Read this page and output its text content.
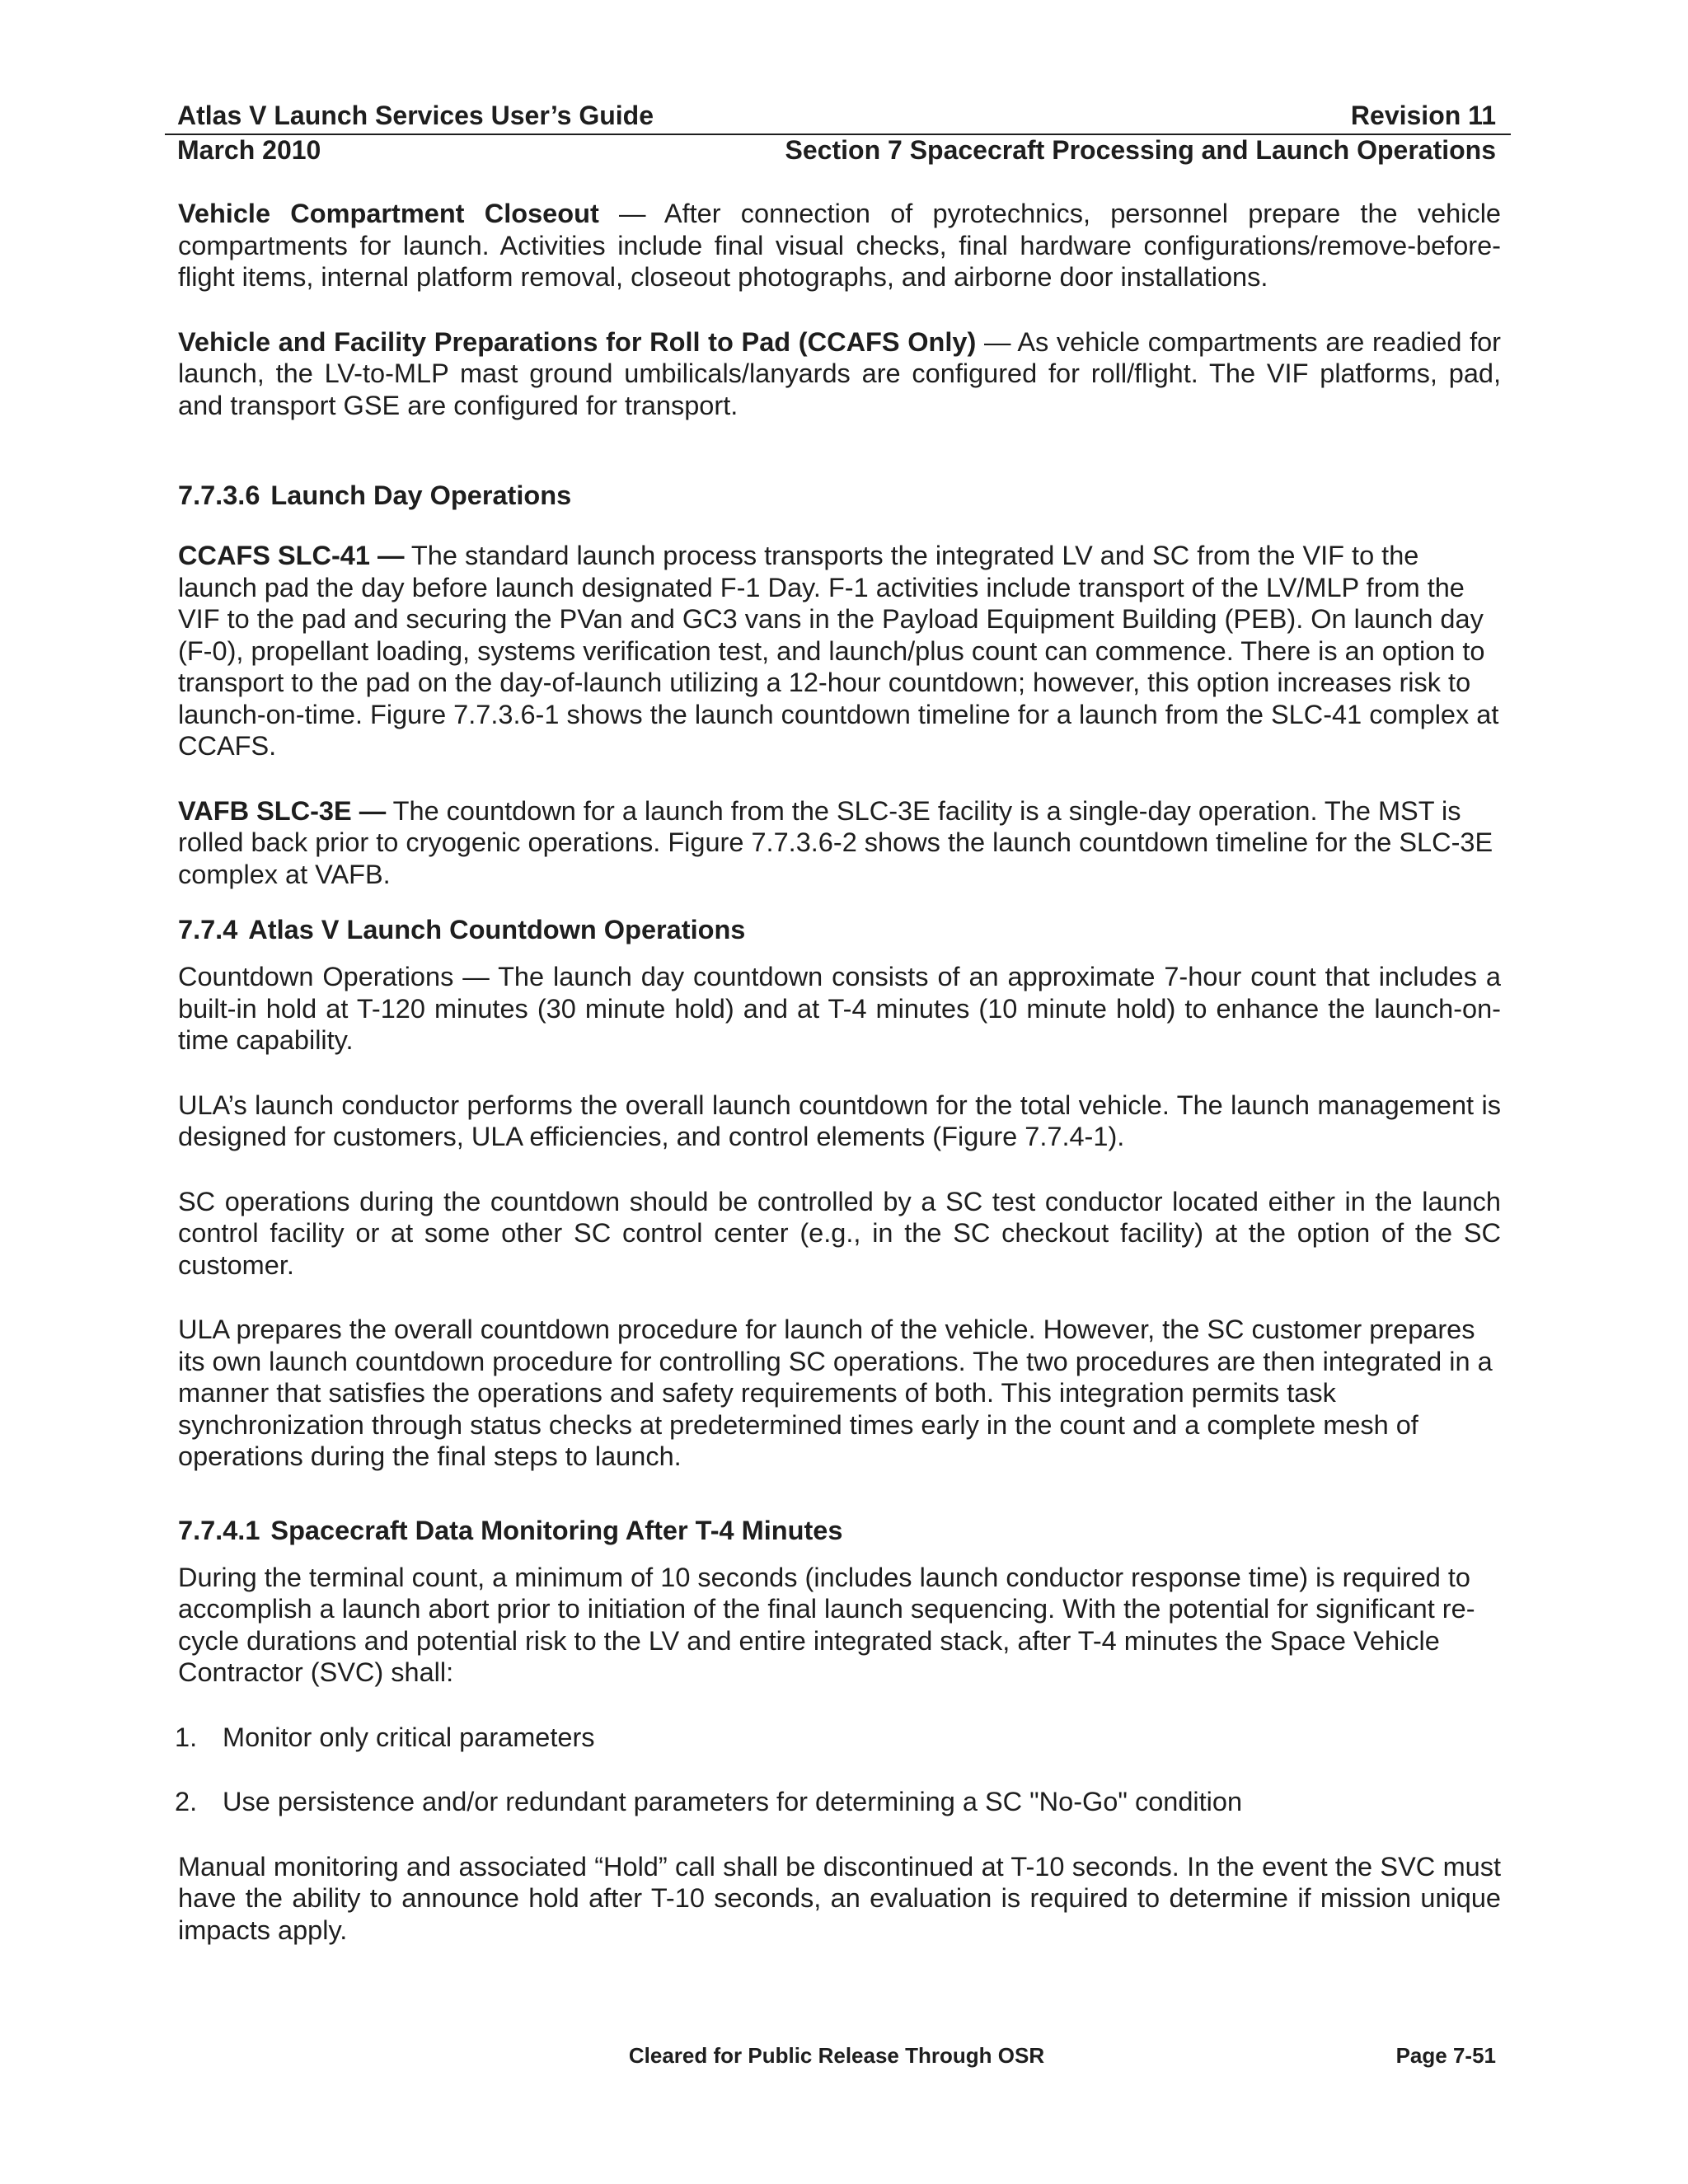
Atlas V Launch Services User’s Guide	Revision 11
March 2010	Section 7 Spacecraft Processing and Launch Operations

Vehicle Compartment Closeout — After connection of pyrotechnics, personnel prepare the vehicle compartments for launch. Activities include final visual checks, final hardware configurations/remove-before-flight items, internal platform removal, closeout photographs, and airborne door installations.

Vehicle and Facility Preparations for Roll to Pad (CCAFS Only) — As vehicle compartments are readied for launch, the LV-to-MLP mast ground umbilicals/lanyards are configured for roll/flight. The VIF platforms, pad, and transport GSE are configured for transport.

7.7.3.6 Launch Day Operations

CCAFS SLC-41 — The standard launch process transports the integrated LV and SC from the VIF to the launch pad the day before launch designated F-1 Day. F-1 activities include transport of the LV/MLP from the VIF to the pad and securing the PVan and GC3 vans in the Payload Equipment Building (PEB). On launch day (F-0), propellant loading, systems verification test, and launch/plus count can commence. There is an option to transport to the pad on the day-of-launch utilizing a 12-hour countdown; however, this option increases risk to launch-on-time. Figure 7.7.3.6-1 shows the launch countdown timeline for a launch from the SLC-41 complex at CCAFS.

VAFB SLC-3E — The countdown for a launch from the SLC-3E facility is a single-day operation. The MST is rolled back prior to cryogenic operations. Figure 7.7.3.6-2 shows the launch countdown timeline for the SLC-3E complex at VAFB.

7.7.4 Atlas V Launch Countdown Operations

Countdown Operations — The launch day countdown consists of an approximate 7-hour count that includes a built-in hold at T-120 minutes (30 minute hold) and at T-4 minutes (10 minute hold) to enhance the launch-on-time capability.

ULA’s launch conductor performs the overall launch countdown for the total vehicle. The launch management is designed for customers, ULA efficiencies, and control elements (Figure 7.7.4-1).

SC operations during the countdown should be controlled by a SC test conductor located either in the launch control facility or at some other SC control center (e.g., in the SC checkout facility) at the option of the SC customer.

ULA prepares the overall countdown procedure for launch of the vehicle. However, the SC customer prepares its own launch countdown procedure for controlling SC operations. The two procedures are then integrated in a manner that satisfies the operations and safety requirements of both. This integration permits task synchronization through status checks at predetermined times early in the count and a complete mesh of operations during the final steps to launch.

7.7.4.1 Spacecraft Data Monitoring After T-4 Minutes

During the terminal count, a minimum of 10 seconds (includes launch conductor response time) is required to accomplish a launch abort prior to initiation of the final launch sequencing. With the potential for significant re-cycle durations and potential risk to the LV and entire integrated stack, after T-4 minutes the Space Vehicle Contractor (SVC) shall:

1. Monitor only critical parameters
2. Use persistence and/or redundant parameters for determining a SC "No-Go" condition

Manual monitoring and associated “Hold” call shall be discontinued at T-10 seconds. In the event the SVC must have the ability to announce hold after T-10 seconds, an evaluation is required to determine if mission unique impacts apply.

Cleared for Public Release Through OSR	Page 7-51
